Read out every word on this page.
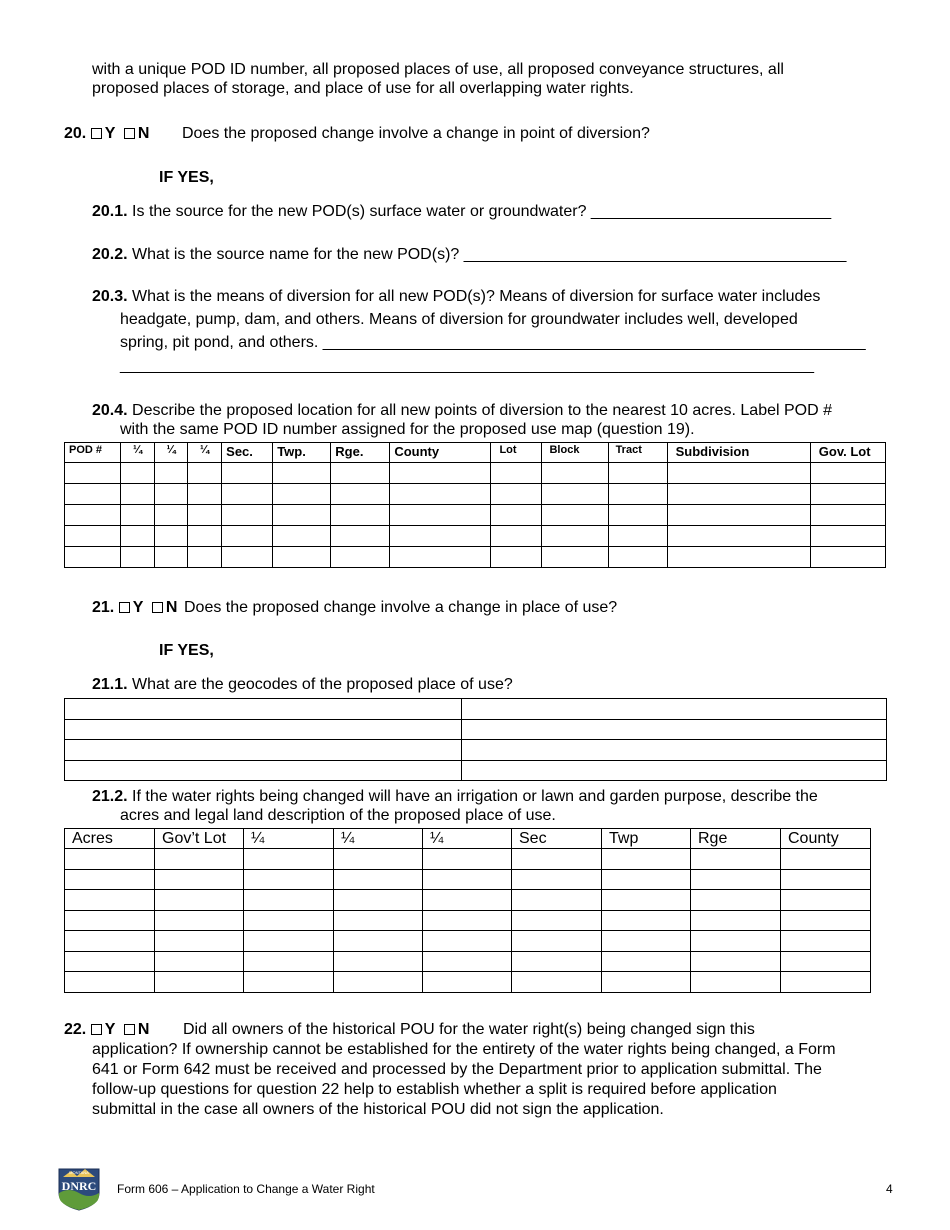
with a unique POD ID number, all proposed places of use, all proposed conveyance structures, all
proposed places of storage, and place of use for all overlapping water rights.
20. Y N Does the proposed change involve a change in point of diversion?
IF YES,
20.1. Is the source for the new POD(s) surface water or groundwater? ___________________________
20.2. What is the source name for the new POD(s)? ___________________________________________
20.3. What is the means of diversion for all new POD(s)? Means of diversion for surface water includes
headgate, pump, dam, and others. Means of diversion for groundwater includes well, developed
spring, pit pond, and others. _____________________________________________________________
______________________________________________________________________________
20.4. Describe the proposed location for all new points of diversion to the nearest 10 acres. Label POD #
with the same POD ID number assigned for the proposed use map (question 19).
POD #	¼	¼	¼	Sec.	Twp.	Rge.	County	Lot	Block	Tract	Subdivision	Gov. Lot

21. Y N Does the proposed change involve a change in place of use?
IF YES,
21.1. What are the geocodes of the proposed place of use?

21.2. If the water rights being changed will have an irrigation or lawn and garden purpose, describe the
acres and legal land description of the proposed place of use.
Acres	Gov’t Lot	¼	¼	¼	Sec	Twp	Rge	County

22. Y N Did all owners of the historical POU for the water right(s) being changed sign this
application? If ownership cannot be established for the entirety of the water rights being changed, a Form
641 or Form 642 must be received and processed by the Department prior to application submittal. The
follow-up questions for question 22 help to establish whether a split is required before application
submittal in the case all owners of the historical POU did not sign the application.
MONTANA
DNRC Form 606 – Application to Change a Water Right	4
